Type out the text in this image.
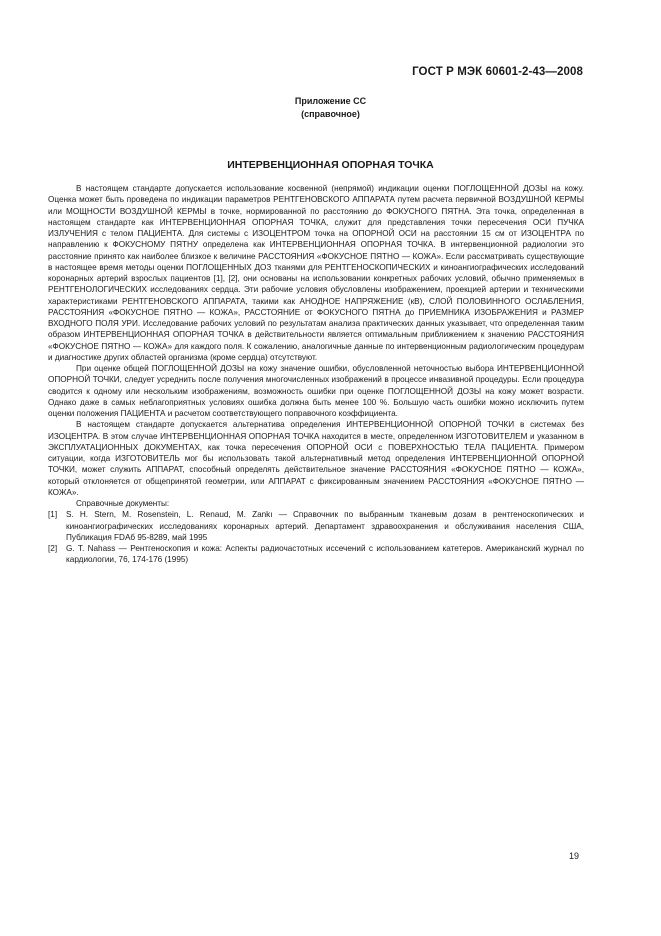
ГОСТ Р МЭК 60601-2-43—2008
Приложение СС
(справочное)
ИНТЕРВЕНЦИОННАЯ ОПОРНАЯ ТОЧКА

В настоящем стандарте допускается использование косвенной (непрямой) индикации оценки ПОГЛОЩЕННОЙ ДОЗЫ на кожу. Оценка может быть проведена по индикации параметров РЕНТГЕНОВСКОГО АППАРАТА путем расчета первичной ВОЗДУШНОЙ КЕРМЫ или МОЩНОСТИ ВОЗДУШНОЙ КЕРМЫ в точке, нормированной по расстоянию до ФОКУСНОГО ПЯТНА. Эта точка, определенная в настоящем стандарте как ИНТЕРВЕНЦИОННАЯ ОПОРНАЯ ТОЧКА, служит для представления точки пересечения ОСИ ПУЧКА ИЗЛУЧЕНИЯ с телом ПАЦИЕНТА. Для системы с ИЗОЦЕНТРОМ точка на ОПОРНОЙ ОСИ на расстоянии 15 см от ИЗОЦЕНТРА по направлению к ФОКУСНОМУ ПЯТНУ определена как ИНТЕРВЕНЦИОННАЯ ОПОРНАЯ ТОЧКА. В интервенционной радиологии это расстояние принято как наиболее близкое к величине РАССТОЯНИЯ «ФОКУСНОЕ ПЯТНО — КОЖА». Если рассматривать существующие в настоящее время методы оценки ПОГЛОЩЕННЫХ ДОЗ тканями для РЕНТГЕНОСКОПИЧЕСКИХ и киноангиографических исследований коронарных артерий взрослых пациентов [1], [2], они основаны на использовании конкретных рабочих условий, обычно применяемых в РЕНТГЕНОЛОГИЧЕСКИХ исследованиях сердца. Эти рабочие условия обусловлены изображением, проекцией артерии и техническими характеристиками РЕНТГЕНОВСКОГО АППАРАТА, такими как АНОДНОЕ НАПРЯЖЕНИЕ (кВ), СЛОЙ ПОЛОВИННОГО ОСЛАБЛЕНИЯ, РАССТОЯНИЯ «ФОКУСНОЕ ПЯТНО — КОЖА», РАССТОЯНИЕ от ФОКУСНОГО ПЯТНА до ПРИЕМНИКА ИЗОБРАЖЕНИЯ и РАЗМЕР ВХОДНОГО ПОЛЯ УРИ. Исследование рабочих условий по результатам анализа практических данных указывает, что определенная таким образом ИНТЕРВЕНЦИОННАЯ ОПОРНАЯ ТОЧКА в действительности является оптимальным приближением к значению РАССТОЯНИЯ «ФОКУСНОЕ ПЯТНО — КОЖА» для каждого поля. К сожалению, аналогичные данные по интервенционным радиологическим процедурам и диагностике других областей организма (кроме сердца) отсутствуют.

При оценке общей ПОГЛОЩЕННОЙ ДОЗЫ на кожу значение ошибки, обусловленной неточностью выбора ИНТЕРВЕНЦИОННОЙ ОПОРНОЙ ТОЧКИ, следует усреднить после получения многочисленных изображений в процессе инвазивной процедуры. Если процедура сводится к одному или нескольким изображениям, возможность ошибки при оценке ПОГЛОЩЕННОЙ ДОЗЫ на кожу может возрасти. Однако даже в самых неблагоприятных условиях ошибка должна быть менее 100 %. Большую часть ошибки можно исключить путем оценки положения ПАЦИЕНТА и расчетом соответствующего поправочного коэффициента.

В настоящем стандарте допускается альтернатива определения ИНТЕРВЕНЦИОННОЙ ОПОРНОЙ ТОЧКИ в системах без ИЗОЦЕНТРА. В этом случае ИНТЕРВЕНЦИОННАЯ ОПОРНАЯ ТОЧКА находится в месте, определенном ИЗГОТОВИТЕЛЕМ и указанном в ЭКСПЛУАТАЦИОННЫХ ДОКУМЕНТАХ, как точка пересечения ОПОРНОЙ ОСИ с ПОВЕРХНОСТЬЮ ТЕЛА ПАЦИЕНТА. Примером ситуации, когда ИЗГОТОВИТЕЛЬ мог бы использовать такой альтернативный метод определения ИНТЕРВЕНЦИОННОЙ ОПОРНОЙ ТОЧКИ, может служить АППАРАТ, способный определять действительное значение РАССТОЯНИЯ «ФОКУСНОЕ ПЯТНО — КОЖА», который отклоняется от общепринятой геометрии, или АППАРАТ с фиксированным значением РАССТОЯНИЯ «ФОКУСНОЕ ПЯТНО — КОЖА».

Справочные документы:

[1] S. H. Stern, M. Rosenstein, L. Renaud, M. Zankı — Справочник по выбранным тканевым дозам в рентгеноскопических и киноангиографических исследованиях коронарных артерий. Департамент здравоохранения и обслуживания населения США, Публикация FDАб 95-8289, май 1995
[2] G. T. Nahass — Рентгеноскопия и кожа: Аспекты радиочастотных иссечений с использованием катетеров. Американский журнал по кардиологии, 76, 174-176 (1995)
19
